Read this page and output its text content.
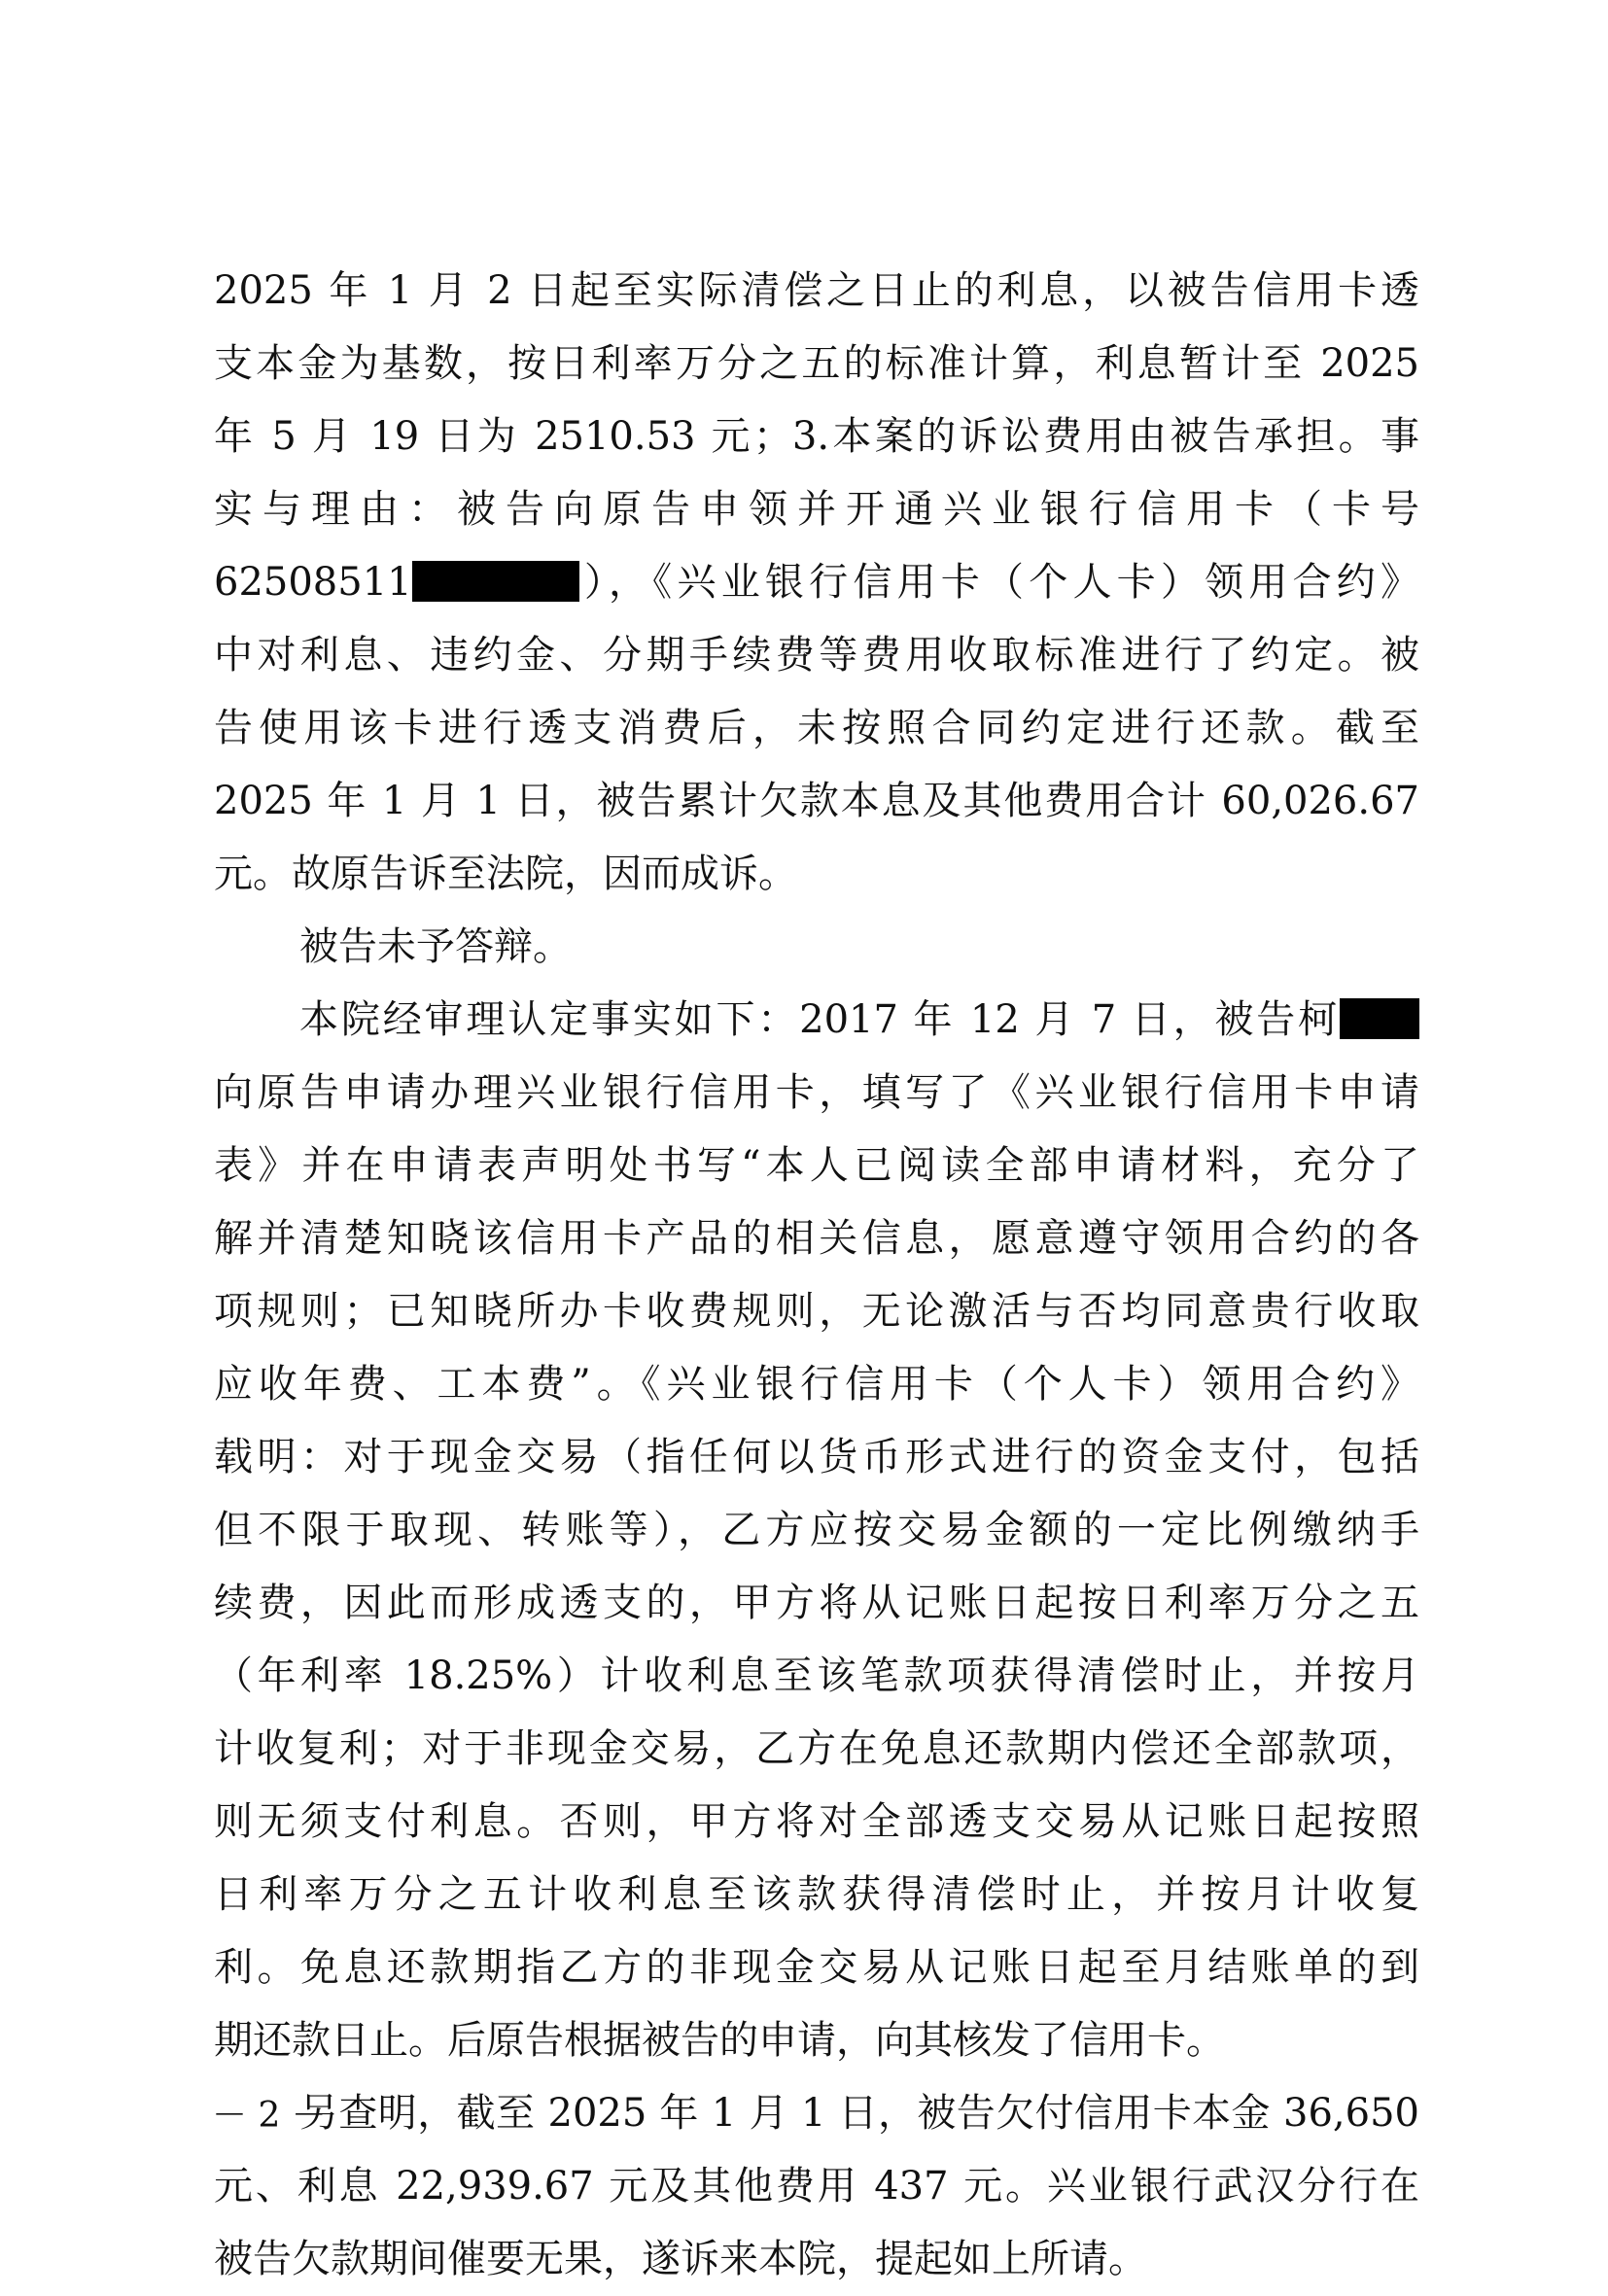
2025 年 1 月 2 日起至实际清偿之日止的利息，以被告信用卡透
支本金为基数，按日利率万分之五的标准计算，利息暂计至 2025
年 5 月 19 日为 2510.53 元；3.本案的诉讼费用由被告承担。事
实与理由：被告向原告申领并开通兴业银行信用卡（卡号
62508511	），《兴业银行信用卡（个人卡）领用合约》
中对利息、违约金、分期手续费等费用收取标准进行了约定。被
告使用该卡进行透支消费后，未按照合同约定进行还款。截至
2025 年 1 月 1 日，被告累计欠款本息及其他费用合计 60,026.67
元。故原告诉至法院，因而成诉。
被告未予答辩。
本院经审理认定事实如下：2017 年 12 月 7 日，被告柯
向原告申请办理兴业银行信用卡，填写了《兴业银行信用卡申请
表》并在申请表声明处书写“本人已阅读全部申请材料，充分了
解并清楚知晓该信用卡产品的相关信息，愿意遵守领用合约的各
项规则；已知晓所办卡收费规则，无论激活与否均同意贵行收取
应收年费、工本费”。《兴业银行信用卡（个人卡）领用合约》
载明：对于现金交易（指任何以货币形式进行的资金支付，包括
但不限于取现、转账等），乙方应按交易金额的一定比例缴纳手
续费，因此而形成透支的，甲方将从记账日起按日利率万分之五
（年利率 18.25%）计收利息至该笔款项获得清偿时止，并按月
计收复利；对于非现金交易，乙方在免息还款期内偿还全部款项，
则无须支付利息。否则，甲方将对全部透支交易从记账日起按照
日利率万分之五计收利息至该款获得清偿时止，并按月计收复
利。免息还款期指乙方的非现金交易从记账日起至月结账单的到
期还款日止。后原告根据被告的申请，向其核发了信用卡。
另查明，截至 2025 年 1 月 1 日，被告欠付信用卡本金 36,650
元、利息 22,939.67 元及其他费用 437 元。兴业银行武汉分行在
被告欠款期间催要无果，遂诉来本院，提起如上所请。
－ 2 －
